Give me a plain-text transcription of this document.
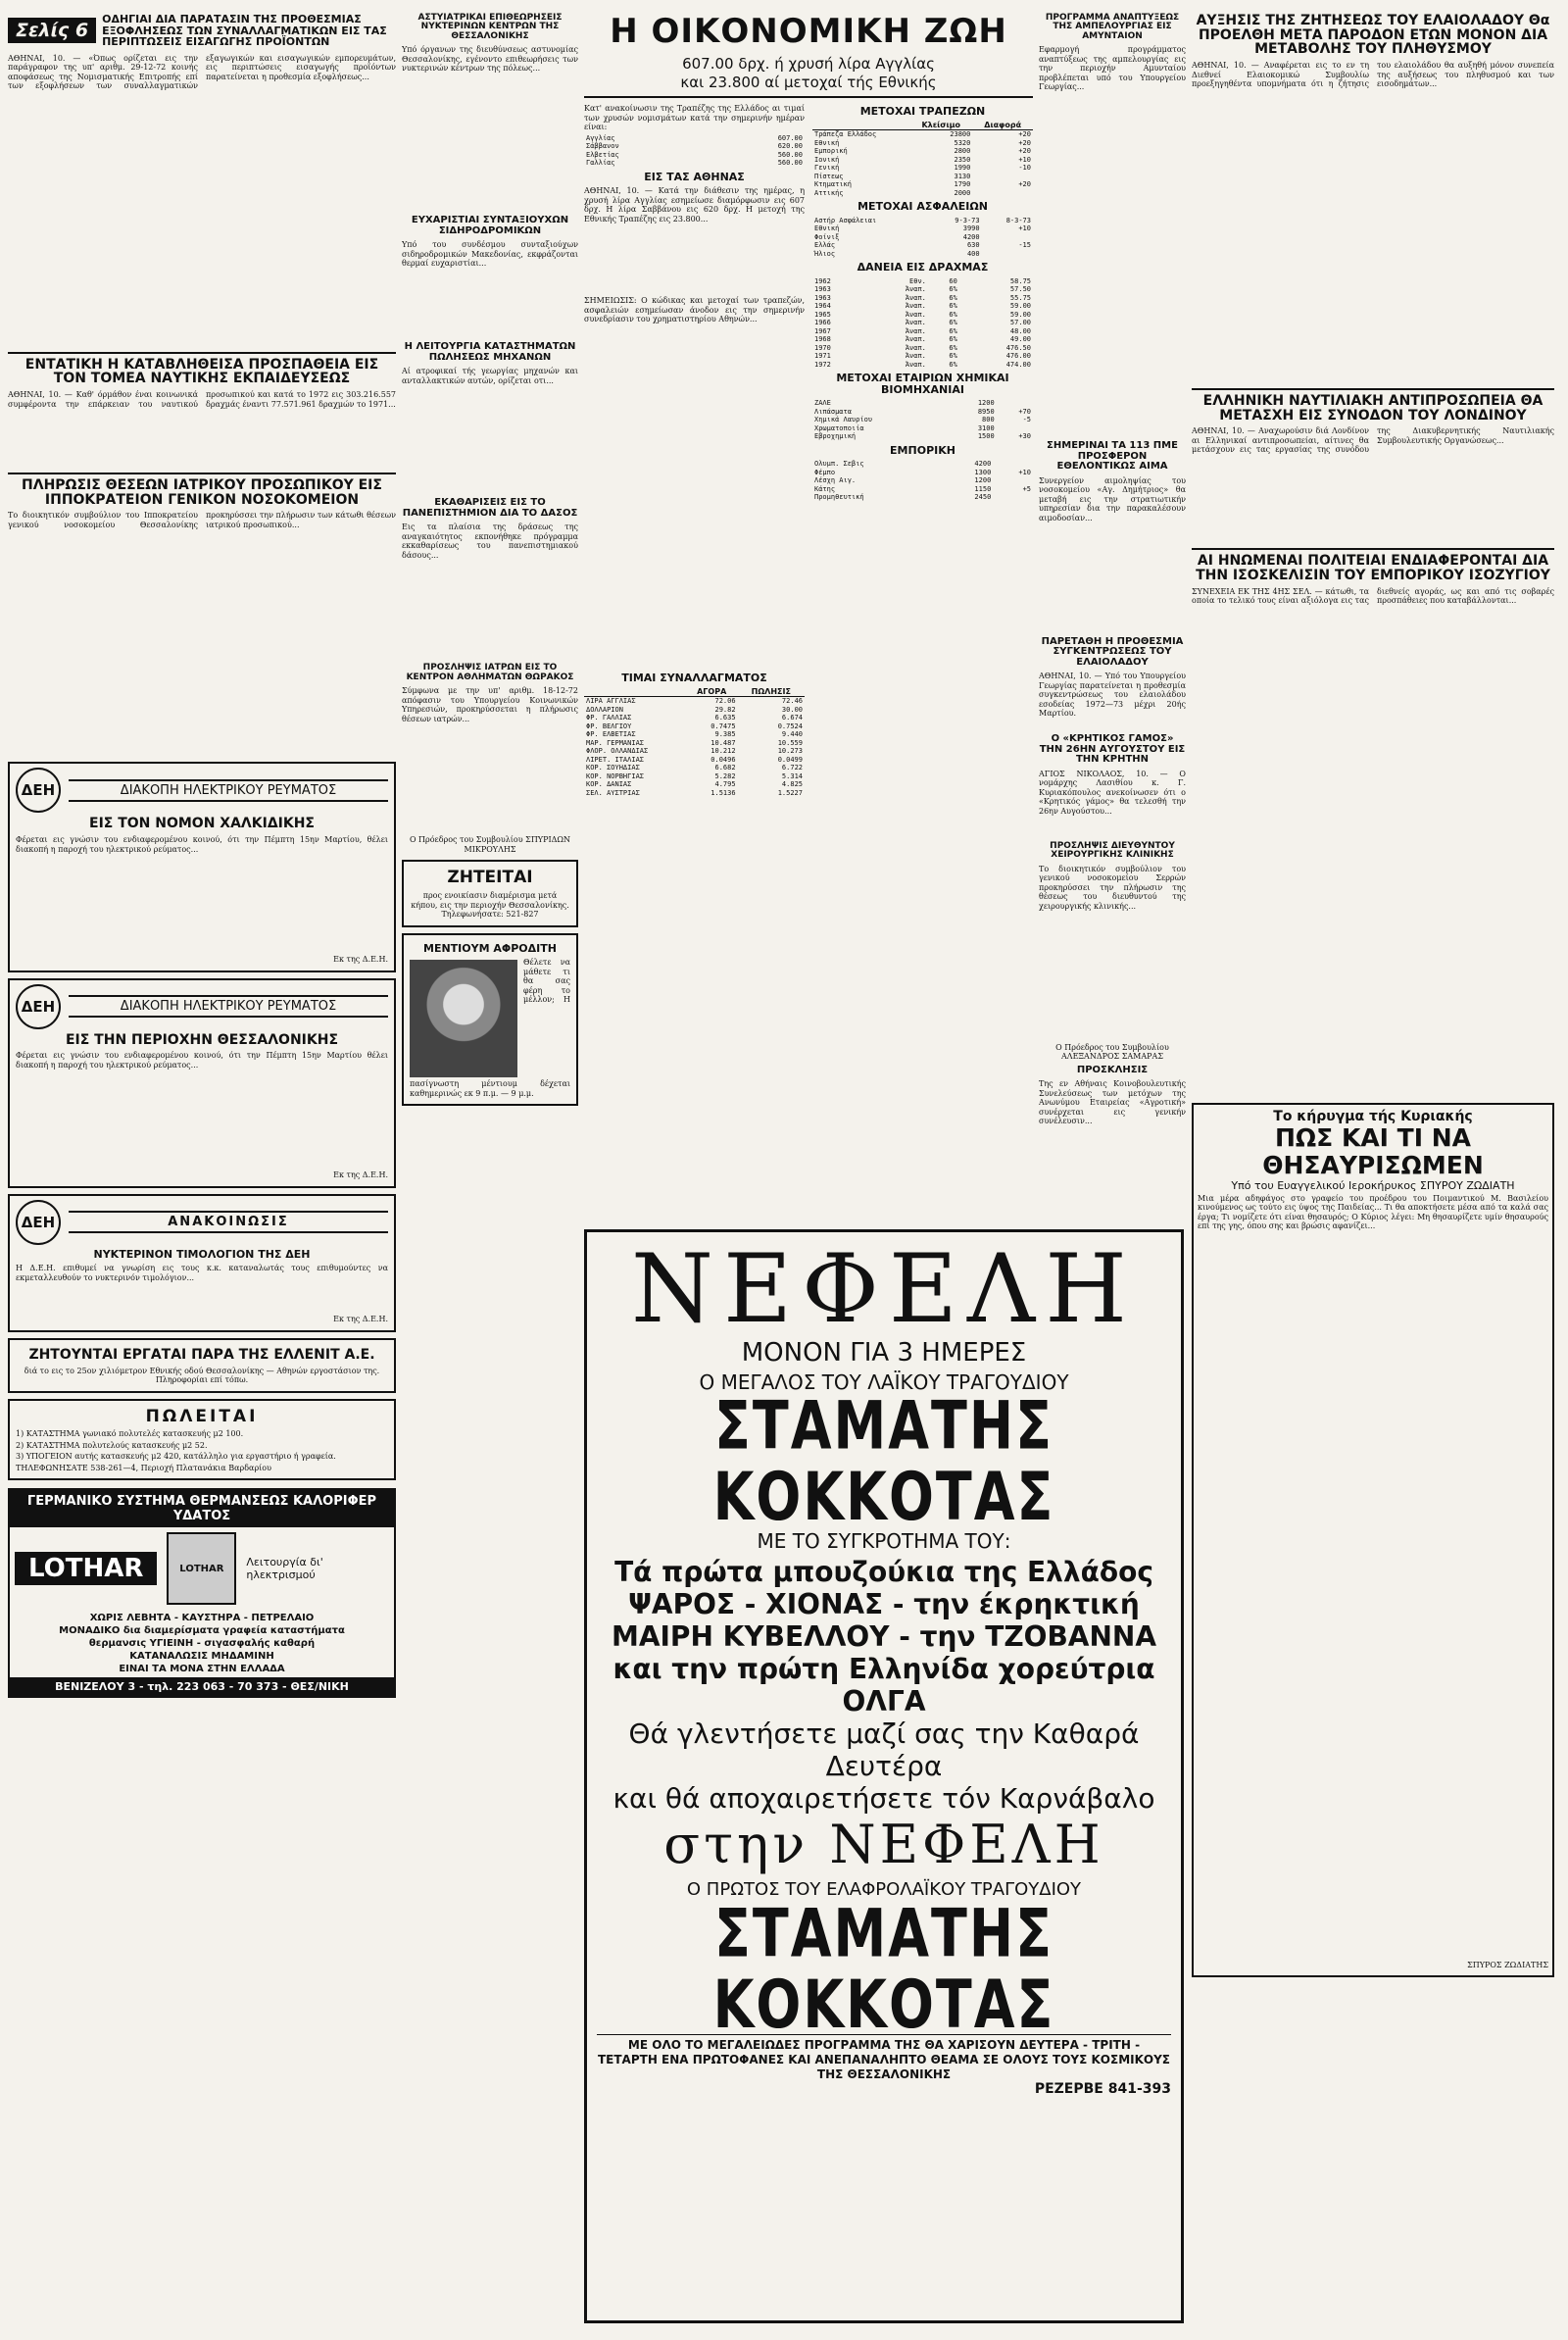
Σελίς 6
ΟΔΗΓΙΑΙ ΔΙΑ ΠΑΡΑΤΑΣΙΝ ΤΗΣ ΠΡΟΘΕΣΜΙΑΣ ΕΞΟΦΛΗΣΕΩΣ ΤΩΝ ΣΥΝΑΛΛΑΓΜΑΤΙΚΩΝ ΕΙΣ ΤΑΣ ΠΕΡΙΠΤΩΣΕΙΣ ΕΙΣΑΓΩΓΗΣ ΠΡΟΪΟΝΤΩΝ
ΑΘΗΝΑΙ, 10. — «Όπως ορίζεται εις την παράγραφον της υπ' αριθμ. 29-12-72 κοινής αποφάσεως της Νομισματικής Επιτροπής επί των εξοφλήσεων των συναλλαγματικών εξαγωγικών και εισαγωγικών εμπορευμάτων, εις περιπτώσεις εισαγωγής προϊόντων παρατείνεται η προθεσμία εξοφλήσεως...
ΕΝΤΑΤΙΚΗ Η ΚΑΤΑΒΛΗΘΕΙΣΑ ΠΡΟΣΠΑΘΕΙΑ ΕΙΣ ΤΟΝ ΤΟΜΕΑ ΝΑΥΤΙΚΗΣ ΕΚΠΑΙΔΕΥΣΕΩΣ
ΑΘΗΝΑΙ, 10. — Καθ' όρμάθον έναι κοινωνικά συμφέροντα την επάρκειαν του ναυτικού προσωπικού και κατά το 1972 εις 303.216.557 δραχμάς έναντι 77.571.961 δραχμών το 1971...
ΠΛΗΡΩΣΙΣ ΘΕΣΕΩΝ ΙΑΤΡΙΚΟΥ ΠΡΟΣΩΠΙΚΟΥ ΕΙΣ ΙΠΠΟΚΡΑΤΕΙΟΝ ΓΕΝΙΚΟΝ ΝΟΣΟΚΟΜΕΙΟΝ
Το διοικητικόν συμβούλιον του Ιπποκρατείου γενικού νοσοκομείου Θεσσαλονίκης προκηρύσσει την πλήρωσιν των κάτωθι θέσεων ιατρικού προσωπικού...
ΔΕΗ	ΔΙΑΚΟΠΗ ΗΛΕΚΤΡΙΚΟΥ ΡΕΥΜΑΤΟΣ
ΕΙΣ ΤΟΝ ΝΟΜΟΝ ΧΑΛΚΙΔΙΚΗΣ
Φέρεται εις γνώσιν του ενδιαφερομένου κοινού, ότι την Πέμπτη 15ην Μαρτίου, θέλει διακοπή η παροχή του ηλεκτρικού ρεύματος...
Εκ της Δ.Ε.Η.
ΔΕΗ	ΔΙΑΚΟΠΗ ΗΛΕΚΤΡΙΚΟΥ ΡΕΥΜΑΤΟΣ
ΕΙΣ ΤΗΝ ΠΕΡΙΟΧΗΝ ΘΕΣΣΑΛΟΝΙΚΗΣ
Φέρεται εις γνώσιν του ενδιαφερομένου κοινού, ότι την Πέμπτη 15ην Μαρτίου θέλει διακοπή η παροχή του ηλεκτρικού ρεύματος...
Εκ της Δ.Ε.Η.
ΔΕΗ	ΑΝΑΚΟΙΝΩΣΙΣ
ΝΥΚΤΕΡΙΝΟΝ ΤΙΜΟΛΟΓΙΟΝ ΤΗΣ ΔΕΗ
Η Δ.Ε.Η. επιθυμεί να γνωρίση εις τους κ.κ. καταναλωτάς τους επιθυμούντες να εκμεταλλευθούν το νυκτερινόν τιμολόγιον...
Εκ της Δ.Ε.Η.
ΖΗΤΟΥΝΤΑΙ ΕΡΓΑΤΑΙ ΠΑΡΑ ΤΗΣ ΕΛΛΕΝΙΤ Α.Ε.
διά το εις το 25ον χιλιόμετρον Εθνικής οδού Θεσσαλονίκης — Αθηνών εργοστάσιον της. Πληροφορίαι επί τόπω.
ΠΩΛΕΙΤΑΙ
1) ΚΑΤΑΣΤΗΜΑ γωνιακό πολυτελές κατασκευής μ2 100.
2) ΚΑΤΑΣΤΗΜΑ πολυτελούς κατασκευής μ2 52.
3) ΥΠΟΓΕΙΟΝ αυτής κατασκευής μ2 420, κατάλληλο για εργαστήριο ή γραφεία.
ΤΗΛΕΦΩΝΗΣΑΤΕ 538-261—4, Περιοχή Πλατανάκια Βαρδαρίου
ΓΕΡΜΑΝΙΚΟ ΣΥΣΤΗΜΑ ΘΕΡΜΑΝΣΕΩΣ ΚΑΛΟΡΙΦΕΡ ΥΔΑΤΟΣ
LOTHAR	LOTHAR	Λειτουργία δι' ηλεκτρισμού
ΧΩΡΙΣ ΛΕΒΗΤΑ - ΚΑΥΣΤΗΡΑ - ΠΕΤΡΕΛΑΙΟ
ΜΟΝΑΔΙΚΟ δια διαμερίσματα γραφεία καταστήματα
θερμανσις ΥΓΙΕΙΝΗ - σιγασφαλής καθαρή
ΚΑΤΑΝΑΛΩΣΙΣ ΜΗΔΑΜΙΝΗ
ΕΙΝΑΙ ΤΑ ΜΟΝΑ ΣΤΗΝ ΕΛΛΑΔΑ
ΒΕΝΙΖΕΛΟΥ 3 - τηλ. 223 063 - 70 373 - ΘΕΣ/ΝΙΚΗ
ΑΣΤΥΙΑΤΡΙΚΑΙ ΕΠΙΘΕΩΡΗΣΕΙΣ ΝΥΚΤΕΡΙΝΩΝ ΚΕΝΤΡΩΝ ΤΗΣ ΘΕΣΣΑΛΟΝΙΚΗΣ
Υπό όργανων της διευθύνσεως αστυνομίας Θεσσαλονίκης, εγένοντο επιθεωρήσεις των νυκτερινών κέντρων της πόλεως...
ΕΥΧΑΡΙΣΤΙΑΙ ΣΥΝΤΑΞΙΟΥΧΩΝ ΣΙΔΗΡΟΔΡΟΜΙΚΩΝ
Υπό του συνδέσμου συνταξιούχων σιδηροδρομικών Μακεδονίας, εκφράζονται θερμαί ευχαριστίαι...
Η ΛΕΙΤΟΥΡΓΙΑ ΚΑΤΑΣΤΗΜΑΤΩΝ ΠΩΛΗΣΕΩΣ ΜΗΧΑΝΩΝ
Αί ατροφικαί τής γεωργίας μηχανών και ανταλλακτικών αυτών, ορίζεται οτι...
ΕΚΑΘΑΡΙΣΕΙΣ ΕΙΣ ΤΟ ΠΑΝΕΠΙΣΤΗΜΙΟΝ ΔΙΑ ΤΟ ΔΑΣΟΣ
Εις τα πλαίσια της δράσεως της αναγκαιότητος εκπονήθηκε πρόγραμμα εκκαθαρίσεως του πανεπιστημιακού δάσους...
ΠΡΟΣΛΗΨΙΣ ΙΑΤΡΩΝ ΕΙΣ ΤΟ ΚΕΝΤΡΟΝ ΑΘΛΗΜΑΤΩΝ ΘΩΡΑΚΟΣ
Σύμφωνα με την υπ' αριθμ. 18-12-72 απόφασιν του Υπουργείου Κοινωνικών Υπηρεσιών, προκηρύσσεται η πλήρωσις θέσεων ιατρών...
Ο Πρόεδρος του Συμβουλίου ΣΠΥΡΙΔΩΝ ΜΙΚΡΟΥΛΗΣ
ΖΗΤΕΙΤΑΙ
προς ενοικίασιν διαμέρισμα μετά κήπου, εις την περιοχήν Θεσσαλονίκης. Τηλεφωνήσατε: 521-827
ΜΕΝΤΙΟΥΜ ΑΦΡΟΔΙΤΗ
Θέλετε να μάθετε τι θα σας φέρη το μέλλον; Η πασίγνωστη μέντιουμ δέχεται καθημερινώς εκ 9 π.μ. — 9 μ.μ.
Η ΟΙΚΟΝΟΜΙΚΗ ΖΩΗ
607.00 δρχ. ή χρυσή λίρα Αγγλίας
και 23.800 αί μετοχαί τής Εθνικής
Κατ' ανακοίνωσιν της Τραπέζης της Ελλάδος αι τιμαί των χρυσών νομισμάτων κατά την σημερινήν ημέραν είναι:
Αγγλίας	607.00
Σάββανον	620.00
Ελβετίας	560.00
Γαλλίας	560.00
ΕΙΣ ΤΑΣ ΑΘΗΝΑΣ
ΑΘΗΝΑΙ, 10. — Κατά την διάθεσιν της ημέρας, η χρυσή λίρα Αγγλίας εσημείωσε διαμόρφωσιν εις 607 δρχ. Η λίρα Σαββάνου εις 620 δρχ. Η μετοχή της Εθνικής Τραπέζης εις 23.800...
ΣΗΜΕΙΩΣΙΣ: Ο κώδικας και μετοχαί των τραπεζών, ασφαλειών εσημείωσαν άνοδον εις την σημερινήν συνεδρίασιν του χρηματιστηρίου Αθηνών...
ΤΙΜΑΙ ΣΥΝΑΛΛΑΓΜΑΤΟΣ
	ΑΓΟΡΑ	ΠΩΛΗΣΙΣ
ΛΙΡΑ ΑΓΓΛΙΑΣ	72.06	72.46
ΔΟΛΛΑΡΙΟΝ	29.82	30.00
ΦΡ. ΓΑΛΛΙΑΣ	6.635	6.674
ΦΡ. ΒΕΛΓΙΟΥ	0.7475	0.7524
ΦΡ. ΕΛΒΕΤΙΑΣ	9.385	9.440
ΜΑΡ. ΓΕΡΜΑΝΙΑΣ	10.487	10.559
ΦΛΟΡ. ΟΛΛΑΝΔΙΑΣ	10.212	10.273
ΛΙΡΕΤ. ΙΤΑΛΙΑΣ	0.0496	0.0499
ΚΟΡ. ΣΟΥΗΔΙΑΣ	6.682	6.722
ΚΟΡ. ΝΟΡΒΗΓΙΑΣ	5.282	5.314
ΚΟΡ. ΔΑΝΙΑΣ	4.795	4.825
ΣΕΛ. ΑΥΣΤΡΙΑΣ	1.5136	1.5227
ΜΕΤΟΧΑΙ ΤΡΑΠΕΖΩΝ
	Κλείσιμο	Διαφορά
Τράπεζα Ελλάδος	23800	+20
Εθνική	5320	+20
Εμπορική	2800	+20
Ιονική	2350	+10
Γενική	1990	-10
Πίστεως	3130	
Κτηματική	1790	+20
Αττικής	2000	
ΜΕΤΟΧΑΙ ΑΣΦΑΛΕΙΩΝ
Αστήρ Ασφάλειαι	9-3-73	8-3-73
Εθνική	3990	+10
Φοίνιξ	4200	
Ελλάς	630	-15
Ήλιος	400	
ΔΑΝΕΙΑ ΕΙΣ ΔΡΑΧΜΑΣ
1962	Εθν.	60	58.75
1963	Άναπ.	6%	57.50
1963	Άναπ.	6%	55.75
1964	Άναπ.	6%	59.00
1965	Άναπ.	6%	59.00
1966	Άναπ.	6%	57.00
1967	Άναπ.	6%	48.00
1968	Άναπ.	6%	49.00
1970	Άναπ.	6%	476.50
1971	Άναπ.	6%	476.00
1972	Άναπ.	6%	474.00
ΜΕΤΟΧΑΙ ΕΤΑΙΡΙΩΝ ΧΗΜΙΚΑΙ ΒΙΟΜΗΧΑΝΙΑΙ
ΖΑΛΕ	1200	
Λιπάσματα	8950	+70
Χημικά Λαυρίου	800	-5
Χρωματοποιία	3100	
Εβροχημική	1500	+30
ΕΜΠΟΡΙΚΗ
Ολυμπ. Σεβις	4200	
Φέμπο	1300	+10
Λέσχη Αιγ.	1200	
Κάτης	1150	+5
Προμηθευτική	2450	
ΠΡΟΓΡΑΜΜΑ ΑΝΑΠΤΥΞΕΩΣ ΤΗΣ ΑΜΠΕΛΟΥΡΓΙΑΣ ΕΙΣ ΑΜΥΝΤΑΙΟΝ
Εφαρμογή προγράμματος αναπτύξεως της αμπελουργίας εις την περιοχήν Αμυνταίου προβλέπεται υπό του Υπουργείου Γεωργίας...
ΣΗΜΕΡΙΝΑΙ ΤΑ 113 ΠΜΕ ΠΡΟΣΦΕΡΟΝ ΕΘΕΛΟΝΤΙΚΩΣ ΑΙΜΑ
Συνεργείον αιμοληψίας του νοσοκομείου «Αγ. Δημήτριος» θα μεταβή εις την στρατιωτικήν υπηρεσίαν δια την παρακαλέσουν αιμοδοσίαν...
ΠΑΡΕΤΑΘΗ Η ΠΡΟΘΕΣΜΙΑ ΣΥΓΚΕΝΤΡΩΣΕΩΣ ΤΟΥ ΕΛΑΙΟΛΑΔΟΥ
ΑΘΗΝΑΙ, 10. — Υπό του Υπουργείου Γεωργίας παρατείνεται η προθεσμία συγκεντρώσεως του ελαιολάδου εσοδείας 1972—73 μέχρι 20ής Μαρτίου.
Ο «ΚΡΗΤΙΚΟΣ ΓΑΜΟΣ» ΤΗΝ 26ΗΝ ΑΥΓΟΥΣΤΟΥ ΕΙΣ ΤΗΝ ΚΡΗΤΗΝ
ΑΓΙΟΣ ΝΙΚΟΛΑΟΣ, 10. — Ο νομάρχης Λασιθίου κ. Γ. Κυριακόπουλος ανεκοίνωσεν ότι ο «Κρητικός γάμος» θα τελεσθή την 26ην Αυγούστου...
ΠΡΟΣΛΗΨΙΣ ΔΙΕΥΘΥΝΤΟΥ ΧΕΙΡΟΥΡΓΙΚΗΣ ΚΛΙΝΙΚΗΣ
Το διοικητικόν συμβούλιον του γενικού νοσοκομείου Σερρών προκηρύσσει την πλήρωσιν της θέσεως του διευθυντού της χειρουργικής κλινικής...
Ο Πρόεδρος του Συμβουλίου ΑΛΕΞΑΝΔΡΟΣ ΣΑΜΑΡΑΣ
ΠΡΟΣΚΛΗΣΙΣ
Της εν Αθήναις Κοινοβουλευτικής Συνελεύσεως των μετόχων της Ανωνύμου Εταιρείας «Αγροτική» συνέρχεται εις γενικήν συνέλευσιν...
ΑΥΞΗΣΙΣ ΤΗΣ ΖΗΤΗΣΕΩΣ ΤΟΥ ΕΛΑΙΟΛΑΔΟΥ Θα ΠΡΟΕΛΘΗ ΜΕΤΑ ΠΑΡΟΔΟΝ ΕΤΩΝ ΜΟΝΟΝ ΔΙΑ ΜΕΤΑΒΟΛΗΣ ΤΟΥ ΠΛΗΘΥΣΜΟΥ
ΑΘΗΝΑΙ, 10. — Αναφέρεται εις το εν τη Διεθνεί Ελαιοκομικώ Συμβουλίω προεξηγηθέντα υπομνήματα ότι η ζήτησις του ελαιολάδου θα αυξηθή μόνον συνεπεία της αυξήσεως του πληθυσμού και των εισοδημάτων...
ΕΛΛΗΝΙΚΗ ΝΑΥΤΙΛΙΑΚΗ ΑΝΤΙΠΡΟΣΩΠΕΙΑ ΘΑ ΜΕΤΑΣΧΗ ΕΙΣ ΣΥΝΟΔΟΝ ΤΟΥ ΛΟΝΔΙΝΟΥ
ΑΘΗΝΑΙ, 10. — Αναχωρούσιν διά Λονδίνον αι Ελληνικαί αντιπροσωπείαι, αίτινες θα μετάσχουν εις τας εργασίας της συνόδου της Διακυβερνητικής Ναυτιλιακής Συμβουλευτικής Οργανώσεως...
ΑΙ ΗΝΩΜΕΝΑΙ ΠΟΛΙΤΕΙΑΙ ΕΝΔΙΑΦΕΡΟΝΤΑΙ ΔΙΑ ΤΗΝ ΙΣΟΣΚΕΛΙΣΙΝ ΤΟΥ ΕΜΠΟΡΙΚΟΥ ΙΣΟΖΥΓΙΟΥ
ΣΥΝΕΧΕΙΑ ΕΚ ΤΗΣ 4ΗΣ ΣΕΛ. — κάτωθι, τα οποία το τελικό τους είναι αξιόλογα εις τας διεθνείς αγοράς, ως και από τις σοβαρές προσπάθειες που καταβάλλονται...
Το κήρυγμα τής Κυριακής
ΠΩΣ ΚΑΙ ΤΙ ΝΑ ΘΗΣΑΥΡΙΣΩΜΕΝ
Υπό του Ευαγγελικού Ιεροκήρυκος ΣΠΥΡΟΥ ΖΩΔΙΑΤΗ
Μια μέρα αδηφάγος στο γραφείο του προέδρου του Ποιμαντικού Μ. Βασιλείου κινούμενος ως τούτο εις ύψος της Παιδείας... Τι θα αποκτήσετε μέσα από τα καλά σας έργα; Τι νομίζετε ότι είναι θησαυρός; Ο Κύριος λέγει: Μη θησαυρίζετε υμίν θησαυρούς επί της γης, όπου σης και βρώσις αφανίζει...
ΣΠΥΡΟΣ ΖΩΔΙΑΤΗΣ
ΝΕΦΕΛΗ
ΜΟΝΟΝ ΓΙΑ 3 ΗΜΕΡΕΣ
Ο ΜΕΓΑΛΟΣ ΤΟΥ ΛΑΪΚΟΥ ΤΡΑΓΟΥΔΙΟΥ
ΣΤΑΜΑΤΗΣ ΚΟΚΚΟΤΑΣ
ΜΕ ΤΟ ΣΥΓΚΡΟΤΗΜΑ ΤΟΥ:
Τά πρώτα μπουζούκια της Ελλάδος
ΨΑΡΟΣ - ΧΙΟΝΑΣ - την έκρηκτική
ΜΑΙΡΗ ΚΥΒΕΛΛΟΥ - την ΤΖΟΒΑΝΝΑ
και την πρώτη Ελληνίδα χορεύτρια ΟΛΓΑ
Θά γλεντήσετε μαζί σας την Καθαρά Δευτέρα
και θά αποχαιρετήσετε τόν Καρνάβαλο
στην ΝΕΦΕΛΗ
Ο ΠΡΩΤΟΣ ΤΟΥ ΕΛΑΦΡΟΛΑΪΚΟΥ ΤΡΑΓΟΥΔΙΟΥ
ΣΤΑΜΑΤΗΣ ΚΟΚΚΟΤΑΣ
ΜΕ ΟΛΟ ΤΟ ΜΕΓΑΛΕΙΩΔΕΣ ΠΡΟΓΡΑΜΜΑ ΤΗΣ ΘΑ ΧΑΡΙΣΟΥΝ ΔΕΥΤΕΡΑ - ΤΡΙΤΗ - ΤΕΤΑΡΤΗ ΕΝΑ ΠΡΩΤΟΦΑΝΕΣ ΚΑΙ ΑΝΕΠΑΝΑΛΗΠΤΟ ΘΕΑΜΑ ΣΕ ΟΛΟΥΣ ΤΟΥΣ ΚΟΣΜΙΚΟΥΣ ΤΗΣ ΘΕΣΣΑΛΟΝΙΚΗΣ
ΡΕΖΕΡΒΕ 841-393
